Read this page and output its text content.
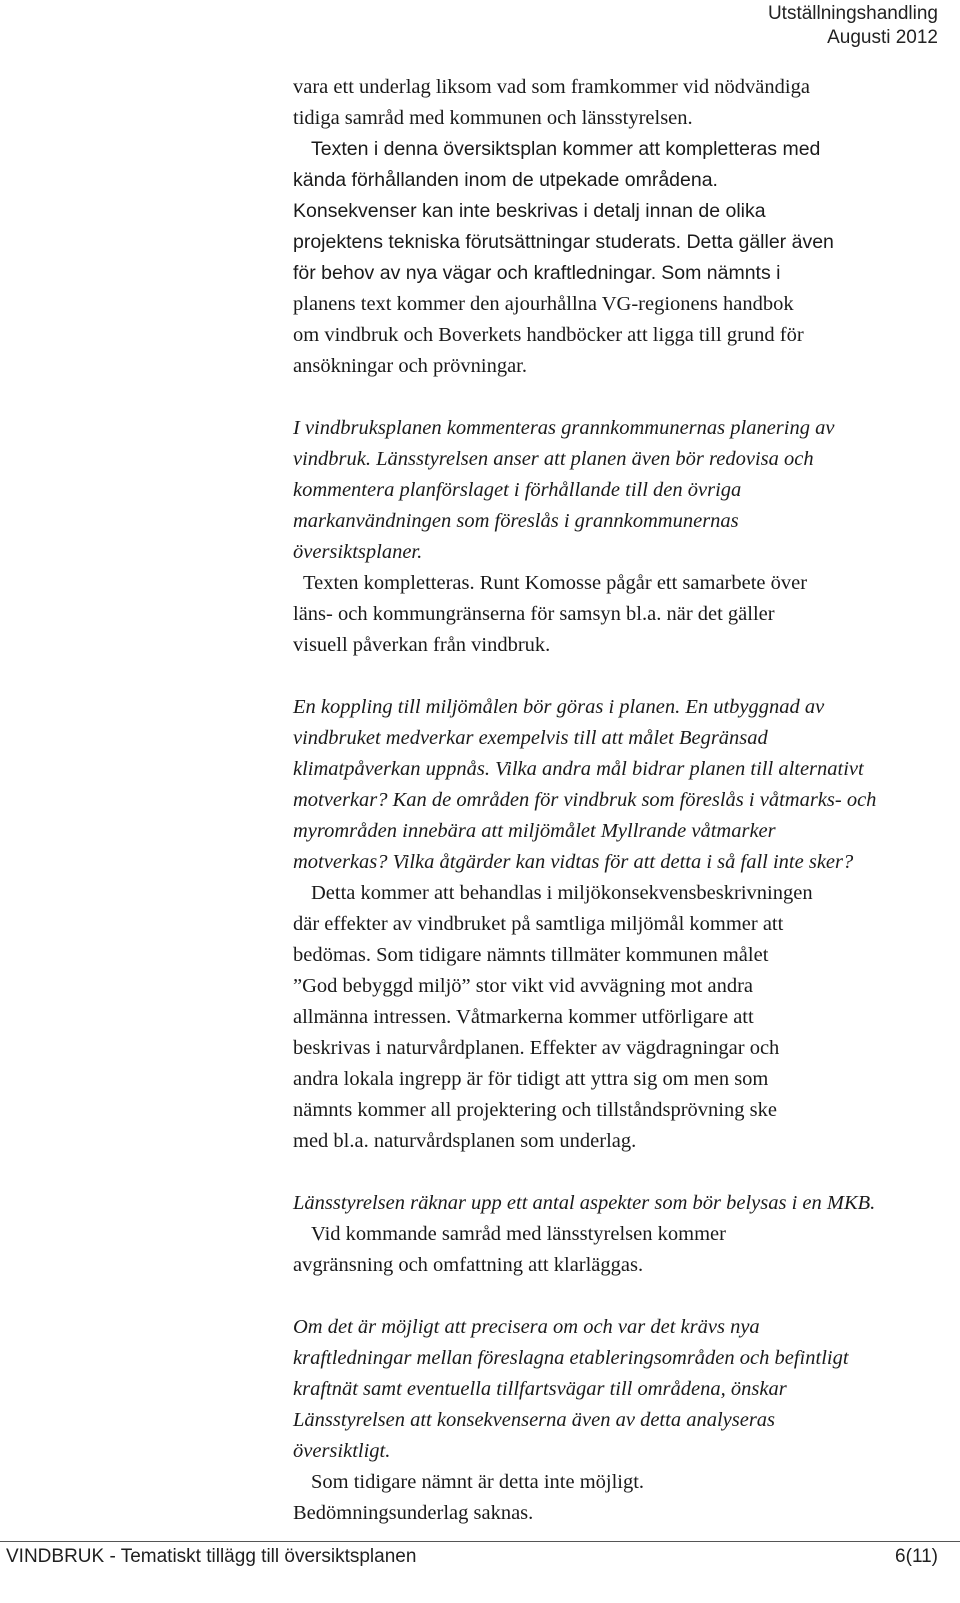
Utställningshandling
Augusti 2012

vara ett underlag liksom vad som framkommer vid nödvändiga
tidiga samråd med kommunen och länsstyrelsen.

Texten i denna översiktsplan kommer att kompletteras med
kända förhållanden inom de utpekade områdena.
Konsekvenser kan inte beskrivas i detalj innan de olika
projektens tekniska förutsättningar studerats. Detta gäller även
för behov av nya vägar och kraftledningar. Som nämnts i
planens text kommer den ajourhållna VG-regionens handbok
om vindbruk och Boverkets handböcker att ligga till grund för
ansökningar och prövningar.

I vindbruksplanen kommenteras grannkommunernas planering av
vindbruk. Länsstyrelsen anser att planen även bör redovisa och
kommentera planförslaget i förhållande till den övriga
markanvändningen som föreslås i grannkommunernas
översiktsplaner.

Texten kompletteras. Runt Komosse pågår ett samarbete över
läns- och kommungränserna för samsyn bl.a. när det gäller
visuell påverkan från vindbruk.

En koppling till miljömålen bör göras i planen. En utbyggnad av
vindbruket medverkar exempelvis till att målet Begränsad
klimatpåverkan uppnås. Vilka andra mål bidrar planen till alternativt
motverkar? Kan de områden för vindbruk som föreslås i våtmarks- och
myrområden innebära att miljömålet Myllrande våtmarker
motverkas? Vilka åtgärder kan vidtas för att detta i så fall inte sker?

Detta kommer att behandlas i miljökonsekvensbeskrivningen
där effekter av vindbruket på samtliga miljömål kommer att
bedömas. Som tidigare nämnts tillmäter kommunen målet
”God bebyggd miljö” stor vikt vid avvägning mot andra
allmänna intressen. Våtmarkerna kommer utförligare att
beskrivas i naturvårdplanen. Effekter av vägdragningar och
andra lokala ingrepp är för tidigt att yttra sig om men som
nämnts kommer all projektering och tillståndsprövning ske
med bl.a. naturvårdsplanen som underlag.

Länsstyrelsen räknar upp ett antal aspekter som bör belysas i en MKB.

Vid kommande samråd med länsstyrelsen kommer
avgränsning och omfattning att klarläggas.

Om det är möjligt att precisera om och var det krävs nya
kraftledningar mellan föreslagna etableringsområden och befintligt
kraftnät samt eventuella tillfartsvägar till områdena, önskar
Länsstyrelsen att konsekvenserna även av detta analyseras
översiktligt.

Som tidigare nämnt är detta inte möjligt.
Bedömningsunderlag saknas.

VINDBRUK - Tematiskt tillägg till översiktsplanen	6(11)
